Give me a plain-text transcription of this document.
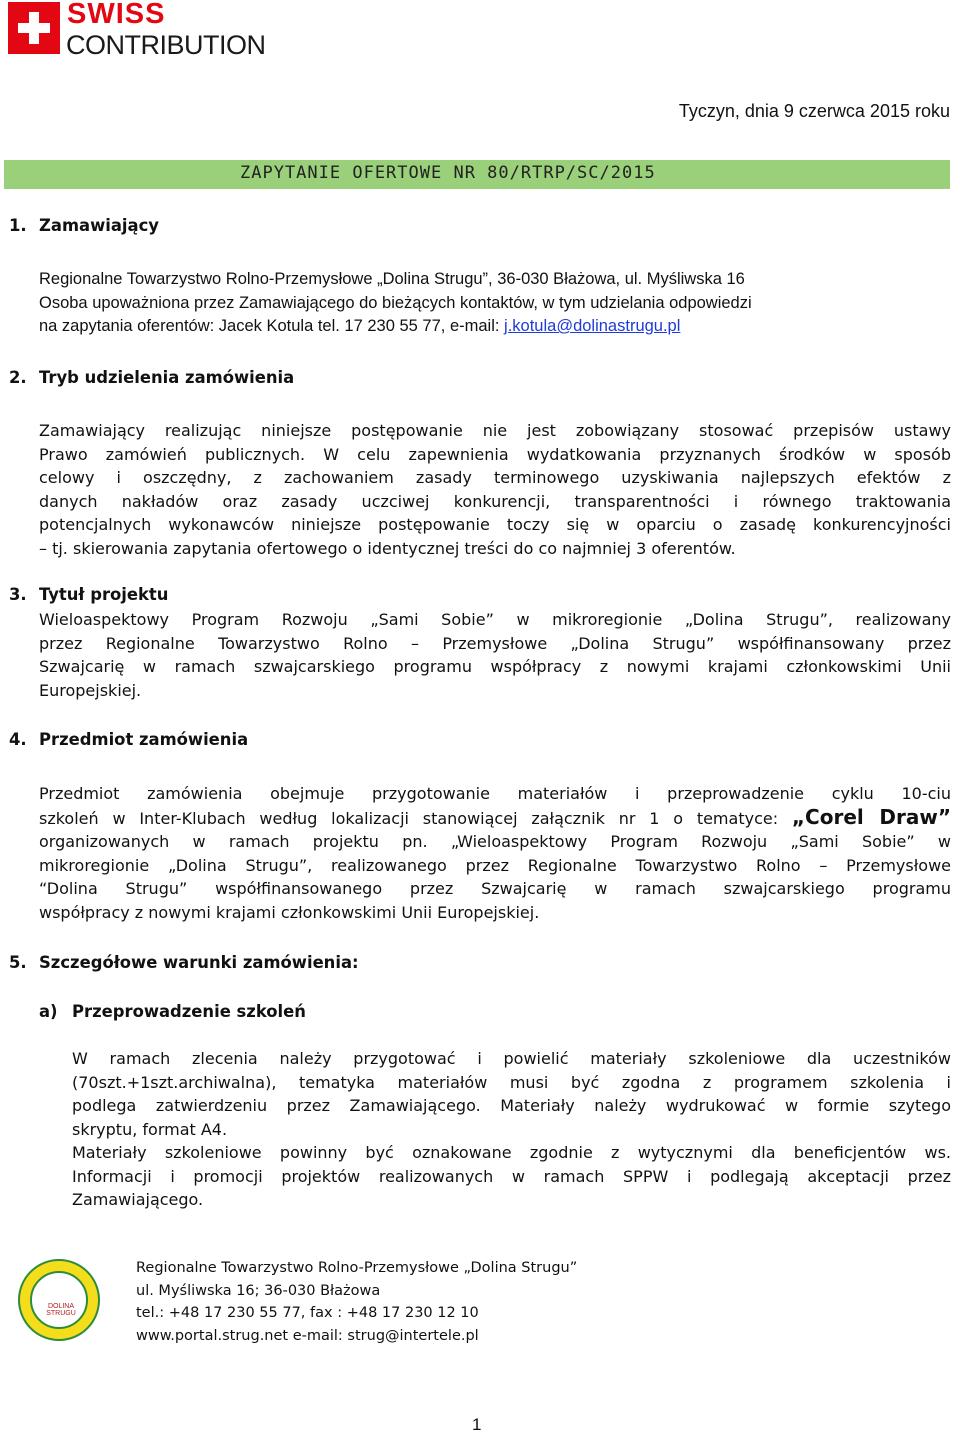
SWISS
CONTRIBUTION
Tyczyn, dnia 9 czerwca 2015 roku
ZAPYTANIE OFERTOWE NR 80/RTRP/SC/2015
1. Zamawiający
Regionalne Towarzystwo Rolno-Przemysłowe „Dolina Strugu”, 36-030 Błażowa, ul. Myśliwska 16
Osoba upoważniona przez Zamawiającego do bieżących kontaktów, w tym udzielania odpowiedzi
na zapytania oferentów: Jacek Kotula tel. 17 230 55 77, e-mail: j.kotula@dolinastrugu.pl
2. Tryb udzielenia zamówienia
Zamawiający realizując niniejsze postępowanie nie jest zobowiązany stosować przepisów ustawy
Prawo zamówień publicznych. W celu zapewnienia wydatkowania przyznanych środków w sposób
celowy i oszczędny, z zachowaniem zasady terminowego uzyskiwania najlepszych efektów z
danych nakładów oraz zasady uczciwej konkurencji, transparentności i równego traktowania
potencjalnych wykonawców niniejsze postępowanie toczy się w oparciu o zasadę konkurencyjności
– tj. skierowania zapytania ofertowego o identycznej treści do co najmniej 3 oferentów.
3. Tytuł projektu
Wieloaspektowy Program Rozwoju „Sami Sobie” w mikroregionie „Dolina Strugu”, realizowany
przez Regionalne Towarzystwo Rolno – Przemysłowe „Dolina Strugu” współfinansowany przez
Szwajcarię w ramach szwajcarskiego programu współpracy z nowymi krajami członkowskimi Unii
Europejskiej.
4. Przedmiot zamówienia
Przedmiot zamówienia obejmuje przygotowanie materiałów i przeprowadzenie cyklu 10-ciu
szkoleń w Inter-Klubach według lokalizacji stanowiącej załącznik nr 1 o tematyce: „Corel Draw”
organizowanych w ramach projektu pn. „Wieloaspektowy Program Rozwoju „Sami Sobie” w
mikroregionie „Dolina Strugu”, realizowanego przez Regionalne Towarzystwo Rolno – Przemysłowe
“Dolina Strugu” współfinansowanego przez Szwajcarię w ramach szwajcarskiego programu
współpracy z nowymi krajami członkowskimi Unii Europejskiej.
5. Szczegółowe warunki zamówienia:
a) Przeprowadzenie szkoleń
W ramach zlecenia należy przygotować i powielić materiały szkoleniowe dla uczestników
(70szt.+1szt.archiwalna), tematyka materiałów musi być zgodna z programem szkolenia i
podlega zatwierdzeniu przez Zamawiającego. Materiały należy wydrukować w formie szytego
skryptu, format A4.
Materiały szkoleniowe powinny być oznakowane zgodnie z wytycznymi dla beneficjentów ws.
Informacji i promocji projektów realizowanych w ramach SPPW i podlegają akceptacji przez
Zamawiającego.
DOLINA STRUGU
Regionalne Towarzystwo Rolno-Przemysłowe „Dolina Strugu”
ul. Myśliwska 16; 36-030 Błażowa
tel.: +48 17 230 55 77, fax : +48 17 230 12 10
www.portal.strug.net e-mail: strug@intertele.pl
1
